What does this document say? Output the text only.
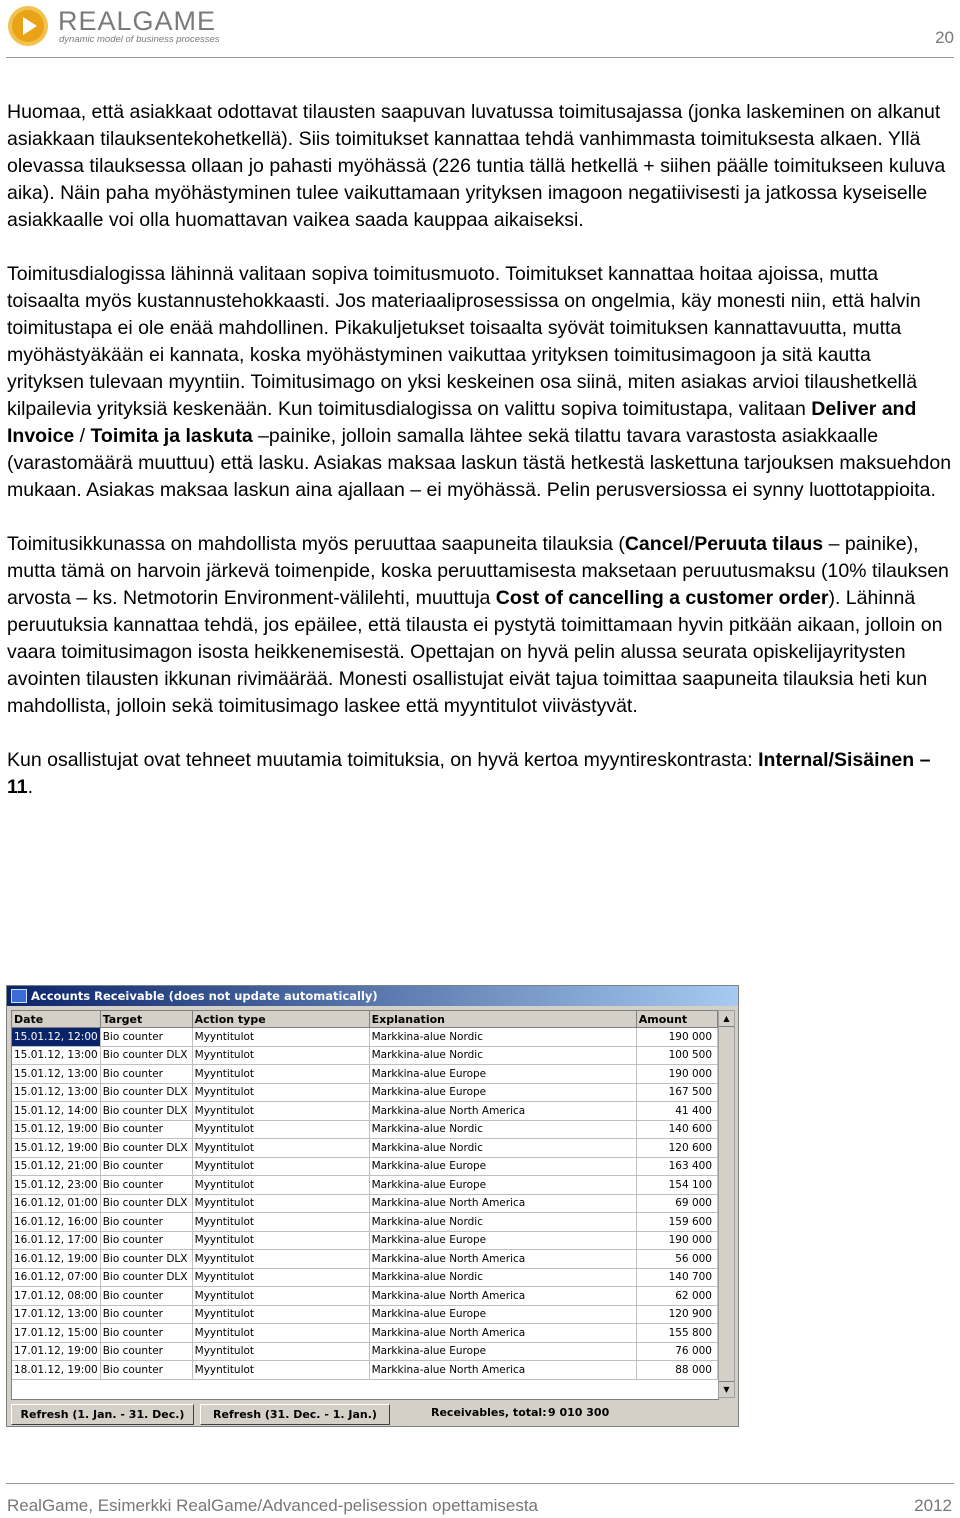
REALGAME
dynamic model of business processes	20

Huomaa, että asiakkaat odottavat tilausten saapuvan luvatussa toimitusajassa (jonka laskeminen on alkanut asiakkaan tilauksentekohetkellä). Siis toimitukset kannattaa tehdä vanhimmasta toimituksesta alkaen. Yllä olevassa tilauksessa ollaan jo pahasti myöhässä (226 tuntia tällä hetkellä + siihen päälle toimitukseen kuluva aika). Näin paha myöhästyminen tulee vaikuttamaan yrityksen imagoon negatiivisesti ja jatkossa kyseiselle asiakkaalle voi olla huomattavan vaikea saada kauppaa aikaiseksi.

Toimitusdialogissa lähinnä valitaan sopiva toimitusmuoto. Toimitukset kannattaa hoitaa ajoissa, mutta toisaalta myös kustannustehokkaasti. Jos materiaaliprosessissa on ongelmia, käy monesti niin, että halvin toimitustapa ei ole enää mahdollinen. Pikakuljetukset toisaalta syövät toimituksen kannattavuutta, mutta myöhästyäkään ei kannata, koska myöhästyminen vaikuttaa yrityksen toimitusimagoon ja sitä kautta yrityksen tulevaan myyntiin. Toimitusimago on yksi keskeinen osa siinä, miten asiakas arvioi tilaushetkellä kilpailevia yrityksiä keskenään. Kun toimitusdialogissa on valittu sopiva toimitustapa, valitaan Deliver and Invoice / Toimita ja laskuta –painike, jolloin samalla lähtee sekä tilattu tavara varastosta asiakkaalle (varastomäärä muuttuu) että lasku. Asiakas maksaa laskun tästä hetkestä laskettuna tarjouksen maksuehdon mukaan. Asiakas maksaa laskun aina ajallaan – ei myöhässä. Pelin perusversiossa ei synny luottotappioita.

Toimitusikkunassa on mahdollista myös peruuttaa saapuneita tilauksia (Cancel/Peruuta tilaus – painike), mutta tämä on harvoin järkevä toimenpide, koska peruuttamisesta maksetaan peruutusmaksu (10% tilauksen arvosta – ks. Netmotorin Environment-välilehti, muuttuja Cost of cancelling a customer order). Lähinnä peruutuksia kannattaa tehdä, jos epäilee, että tilausta ei pystytä toimittamaan hyvin pitkään aikaan, jolloin on vaara toimitusimagon isosta heikkenemisestä. Opettajan on hyvä pelin alussa seurata opiskelijayritysten avointen tilausten ikkunan rivimäärää. Monesti osallistujat eivät tajua toimittaa saapuneita tilauksia heti kun mahdollista, jolloin sekä toimitusimago laskee että myyntitulot viivästyvät.

Kun osallistujat ovat tehneet muutamia toimituksia, on hyvä kertoa myyntireskontrasta: Internal/Sisäinen – 11.

Accounts Receivable (does not update automatically)
Date	Target	Action type	Explanation	Amount
15.01.12, 12:00	Bio counter	Myyntitulot	Markkina-alue Nordic	190 000
15.01.12, 13:00	Bio counter DLX	Myyntitulot	Markkina-alue Nordic	100 500
15.01.12, 13:00	Bio counter	Myyntitulot	Markkina-alue Europe	190 000
15.01.12, 13:00	Bio counter DLX	Myyntitulot	Markkina-alue Europe	167 500
15.01.12, 14:00	Bio counter DLX	Myyntitulot	Markkina-alue North America	41 400
15.01.12, 19:00	Bio counter	Myyntitulot	Markkina-alue Nordic	140 600
15.01.12, 19:00	Bio counter DLX	Myyntitulot	Markkina-alue Nordic	120 600
15.01.12, 21:00	Bio counter	Myyntitulot	Markkina-alue Europe	163 400
15.01.12, 23:00	Bio counter	Myyntitulot	Markkina-alue Europe	154 100
16.01.12, 01:00	Bio counter DLX	Myyntitulot	Markkina-alue North America	69 000
16.01.12, 16:00	Bio counter	Myyntitulot	Markkina-alue Nordic	159 600
16.01.12, 17:00	Bio counter	Myyntitulot	Markkina-alue Europe	190 000
16.01.12, 19:00	Bio counter DLX	Myyntitulot	Markkina-alue North America	56 000
16.01.12, 07:00	Bio counter DLX	Myyntitulot	Markkina-alue Nordic	140 700
17.01.12, 08:00	Bio counter	Myyntitulot	Markkina-alue North America	62 000
17.01.12, 13:00	Bio counter	Myyntitulot	Markkina-alue Europe	120 900
17.01.12, 15:00	Bio counter	Myyntitulot	Markkina-alue North America	155 800
17.01.12, 19:00	Bio counter	Myyntitulot	Markkina-alue Europe	76 000
18.01.12, 19:00	Bio counter	Myyntitulot	Markkina-alue North America	88 000
▲
▼
Refresh (1. Jan. - 31. Dec.)	Refresh (31. Dec. - 1. Jan.)	Receivables, total: 9 010 300
RealGame, Esimerkki RealGame/Advanced-pelisession opettamisesta	2012
